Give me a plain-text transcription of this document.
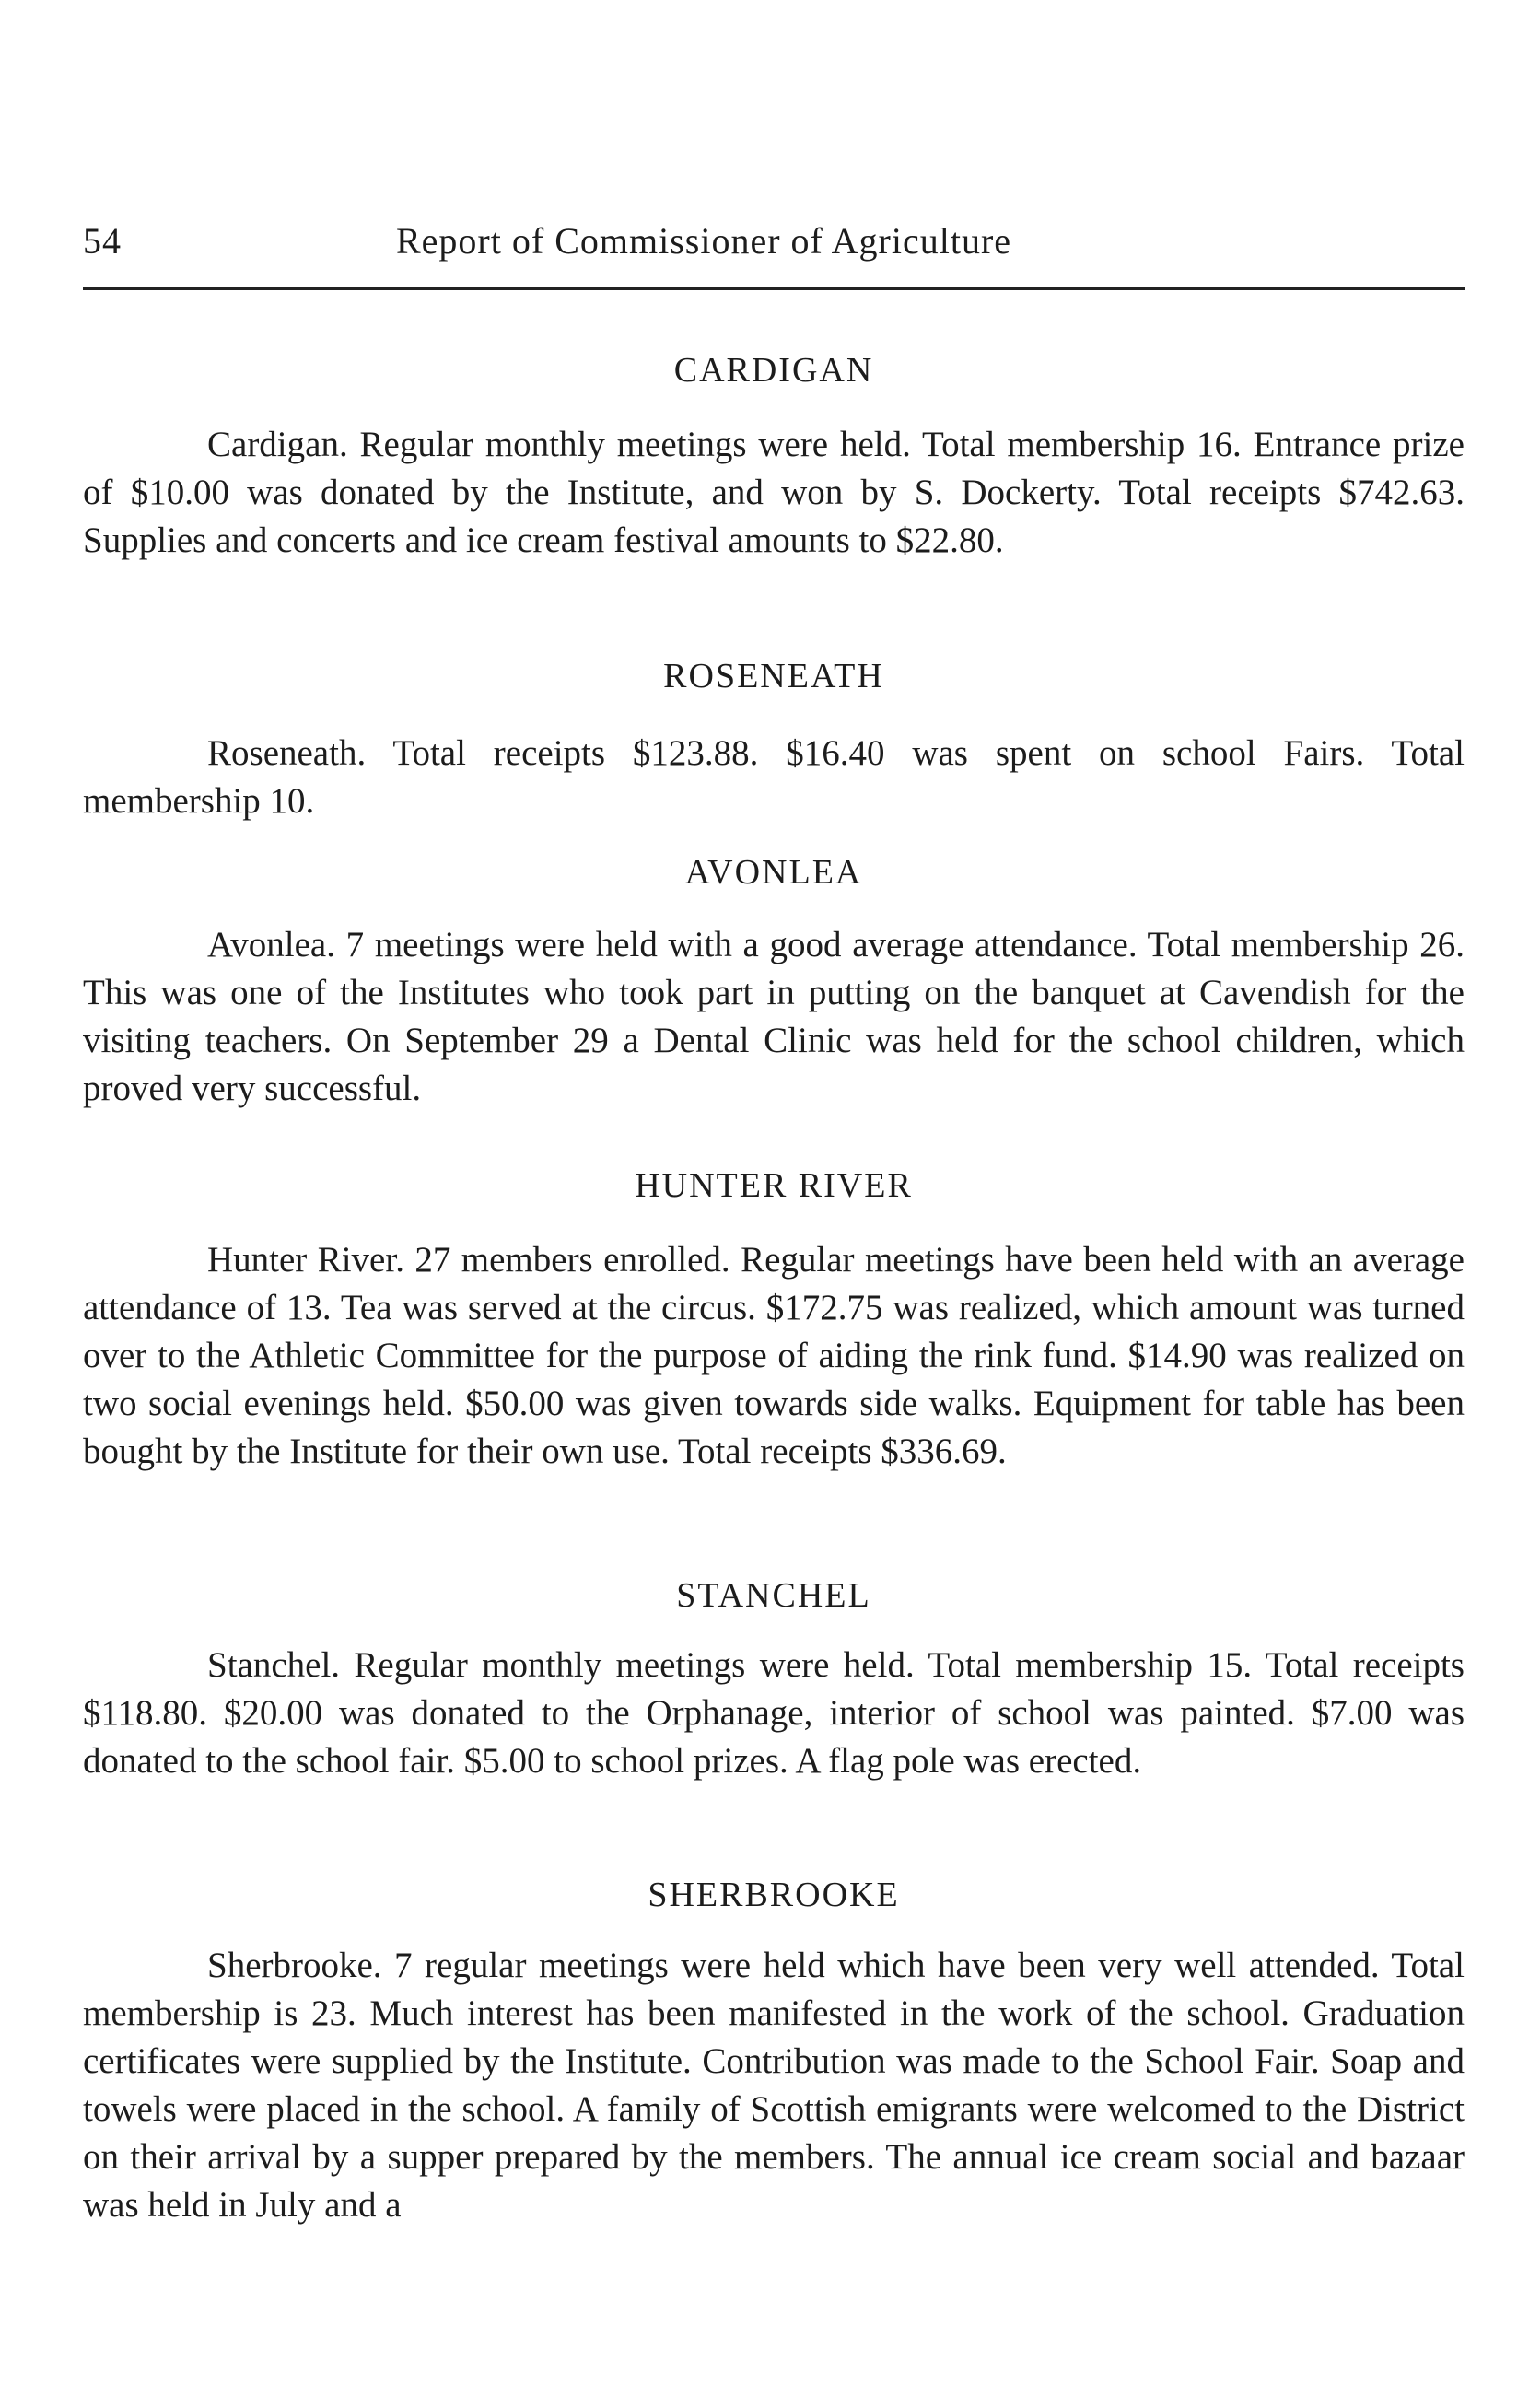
54	Report of Commissioner of Agriculture
CARDIGAN

Cardigan. Regular monthly meetings were held. Total membership 16. Entrance prize of $10.00 was donated by the Institute, and won by S. Dockerty. Total receipts $742.63. Supplies and concerts and ice cream festival amounts to $22.80.

ROSENEATH

Roseneath. Total receipts $123.88. $16.40 was spent on school Fairs. Total membership 10.

AVONLEA

Avonlea. 7 meetings were held with a good average attendance. Total membership 26. This was one of the Institutes who took part in putting on the banquet at Cavendish for the visiting teachers. On September 29 a Dental Clinic was held for the school children, which proved very successful.

HUNTER RIVER

Hunter River. 27 members enrolled. Regular meetings have been held with an average attendance of 13. Tea was served at the circus. $172.75 was realized, which amount was turned over to the Athletic Committee for the purpose of aiding the rink fund. $14.90 was realized on two social evenings held. $50.00 was given towards side walks. Equipment for table has been bought by the Institute for their own use. Total receipts $336.69.

STANCHEL

Stanchel. Regular monthly meetings were held. Total membership 15. Total receipts $118.80. $20.00 was donated to the Orphanage, interior of school was painted. $7.00 was donated to the school fair. $5.00 to school prizes. A flag pole was erected.

SHERBROOKE

Sherbrooke. 7 regular meetings were held which have been very well attended. Total membership is 23. Much interest has been manifested in the work of the school. Graduation certificates were supplied by the Institute. Contribution was made to the School Fair. Soap and towels were placed in the school. A family of Scottish emigrants were welcomed to the District on their arrival by a supper prepared by the members. The annual ice cream social and bazaar was held in July and a
